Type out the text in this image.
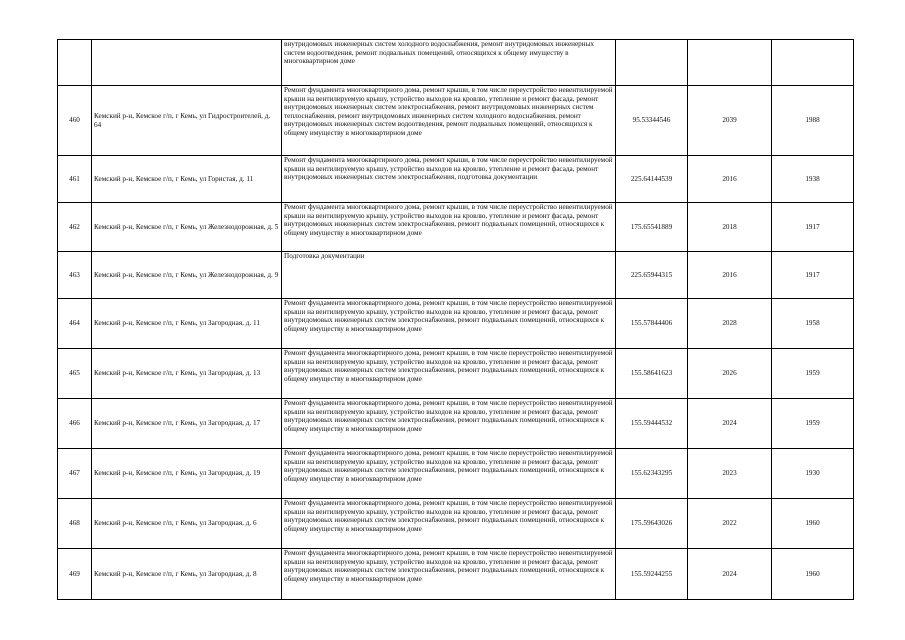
		внутридомовых инженерных систем холодного водоснабжения, ремонт внутридомовых инженерных систем водоотведения, ремонт подвальных помещений, относящихся к общему имуществу в многоквартирном доме			
460	Кемский р-н, Кемское г/п, г Кемь, ул Гидростроителей, д. 64	Ремонт фундамента многоквартирного дома, ремонт крыши, в том числе переустройство невентилируемой крыши на вентилируемую крышу, устройство выходов на кровлю, утепление и ремонт фасада, ремонт внутридомовых инженерных систем электроснабжения, ремонт внутридомовых инженерных систем теплоснабжения, ремонт внутридомовых инженерных систем холодного водоснабжения, ремонт внутридомовых инженерных систем водоотведения, ремонт подвальных помещений, относящихся к общему имуществу в многоквартирном доме	95.53344546	2039	1988
461	Кемский р-н, Кемское г/п, г Кемь, ул Гористая, д. 11	Ремонт фундамента многоквартирного дома, ремонт крыши, в том числе переустройство невентилируемой крыши на вентилируемую крышу, устройство выходов на кровлю, утепление и ремонт фасада, ремонт внутридомовых инженерных систем электроснабжения, подготовка документации	225.64144539	2016	1938
462	Кемский р-н, Кемское г/п, г Кемь, ул Железнодорожная, д. 5	Ремонт фундамента многоквартирного дома, ремонт крыши, в том числе переустройство невентилируемой крыши на вентилируемую крышу, устройство выходов на кровлю, утепление и ремонт фасада, ремонт внутридомовых инженерных систем электроснабжения, ремонт подвальных помещений, относящихся к общему имуществу в многоквартирном доме	175.65541889	2018	1917
463	Кемский р-н, Кемское г/п, г Кемь, ул Железнодорожная, д. 9	Подготовка документации	225.65944315	2016	1917
464	Кемский р-н, Кемское г/п, г Кемь, ул Загородная, д. 11	Ремонт фундамента многоквартирного дома, ремонт крыши, в том числе переустройство невентилируемой крыши на вентилируемую крышу, устройство выходов на кровлю, утепление и ремонт фасада, ремонт внутридомовых инженерных систем электроснабжения, ремонт подвальных помещений, относящихся к общему имуществу в многоквартирном доме	155.57844406	2028	1958
465	Кемский р-н, Кемское г/п, г Кемь, ул Загородная, д. 13	Ремонт фундамента многоквартирного дома, ремонт крыши, в том числе переустройство невентилируемой крыши на вентилируемую крышу, устройство выходов на кровлю, утепление и ремонт фасада, ремонт внутридомовых инженерных систем электроснабжения, ремонт подвальных помещений, относящихся к общему имуществу в многоквартирном доме	155.58641623	2026	1959
466	Кемский р-н, Кемское г/п, г Кемь, ул Загородная, д. 17	Ремонт фундамента многоквартирного дома, ремонт крыши, в том числе переустройство невентилируемой крыши на вентилируемую крышу, устройство выходов на кровлю, утепление и ремонт фасада, ремонт внутридомовых инженерных систем электроснабжения, ремонт подвальных помещений, относящихся к общему имуществу в многоквартирном доме	155.59444532	2024	1959
467	Кемский р-н, Кемское г/п, г Кемь, ул Загородная, д. 19	Ремонт фундамента многоквартирного дома, ремонт крыши, в том числе переустройство невентилируемой крыши на вентилируемую крышу, устройство выходов на кровлю, утепление и ремонт фасада, ремонт внутридомовых инженерных систем электроснабжения, ремонт подвальных помещений, относящихся к общему имуществу в многоквартирном доме	155.62343295	2023	1930
468	Кемский р-н, Кемское г/п, г Кемь, ул Загородная, д. 6	Ремонт фундамента многоквартирного дома, ремонт крыши, в том числе переустройство невентилируемой крыши на вентилируемую крышу, устройство выходов на кровлю, утепление и ремонт фасада, ремонт внутридомовых инженерных систем электроснабжения, ремонт подвальных помещений, относящихся к общему имуществу в многоквартирном доме	175.59643026	2022	1960
469	Кемский р-н, Кемское г/п, г Кемь, ул Загородная, д. 8	Ремонт фундамента многоквартирного дома, ремонт крыши, в том числе переустройство невентилируемой крыши на вентилируемую крышу, устройство выходов на кровлю, утепление и ремонт фасада, ремонт внутридомовых инженерных систем электроснабжения, ремонт подвальных помещений, относящихся к общему имуществу в многоквартирном доме	155.59244255	2024	1960
